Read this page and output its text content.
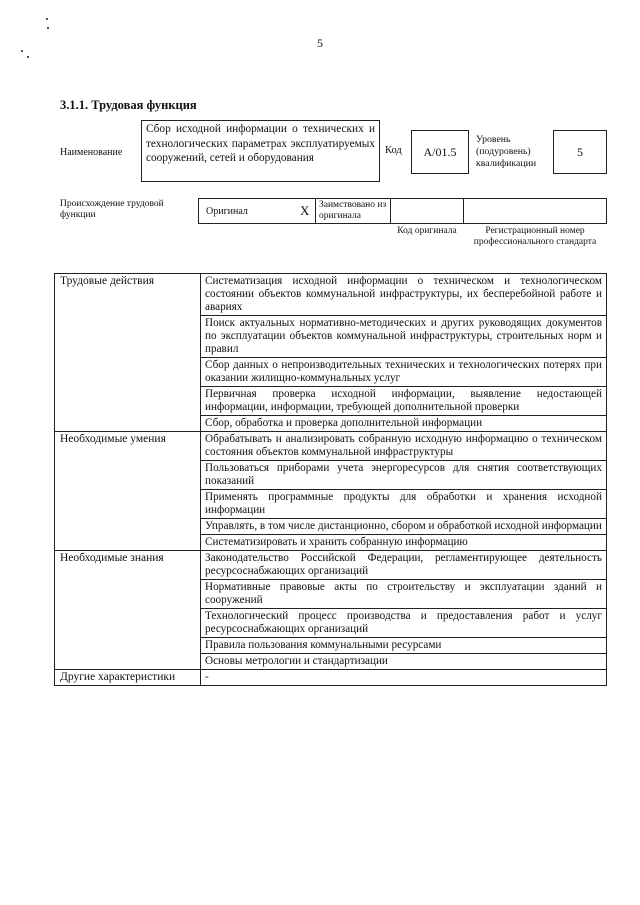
5
3.1.1. Трудовая функция
Наименование
Сбор исходной информации о технических и технологических параметрах эксплуатируемых сооружений, сетей и оборудования
Код А/01.5
Уровень (подуровень) квалификации
5
Происхождение трудовой функции	Оригинал	X	Заимствовано из оригинала
Код оригинала	Регистрационный номер профессионального стандарта
Трудовые действия	Систематизация исходной информации о техническом и технологическом состоянии объектов коммунальной инфраструктуры, их бесперебойной работе и авариях
	Поиск актуальных нормативно-методических и других руководящих документов по эксплуатации объектов коммунальной инфраструктуры, строительных норм и правил
	Сбор данных о непроизводительных технических и технологических потерях при оказании жилищно-коммунальных услуг
	Первичная проверка исходной информации, выявление недостающей информации, информации, требующей дополнительной проверки
	Сбор, обработка и проверка дополнительной информации
Необходимые умения	Обрабатывать и анализировать собранную исходную информацию о техническом состояния объектов коммунальной инфраструктуры
	Пользоваться приборами учета энергоресурсов для снятия соответствующих показаний
	Применять программные продукты для обработки и хранения исходной информации
	Управлять, в том числе дистанционно, сбором и обработкой исходной информации
	Систематизировать и хранить собранную информацию
Необходимые знания	Законодательство Российской Федерации, регламентирующее деятельность ресурсоснабжающих организаций
	Нормативные правовые акты по строительству и эксплуатации зданий и сооружений
	Технологический процесс производства и предоставления работ и услуг ресурсоснабжающих организаций
	Правила пользования коммунальными ресурсами
	Основы метрологии и стандартизации
Другие характеристики	-
